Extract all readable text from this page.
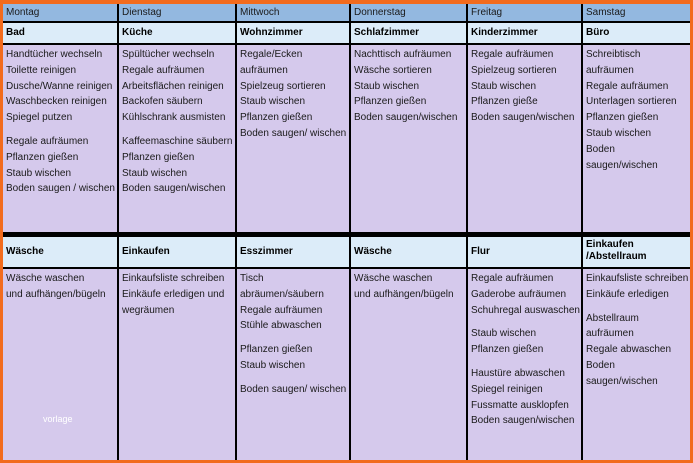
Montag
Bad
Handtücher wechseln
Toilette reinigen
Dusche/Wanne reinigen
Waschbecken reinigen
Spiegel putzen
Regale aufräumen
Pflanzen gießen
Staub wischen
Boden saugen / wischen
Wäsche
Wäsche waschen
und aufhängen/bügeln
vorlage
Dienstag
Küche
Spültücher wechseln
Regale aufräumen
Arbeitsflächen reinigen
Backofen säubern
Kühlschrank ausmisten
Kaffeemaschine säubern
Pflanzen gießen
Staub wischen
Boden saugen/wischen
Einkaufen
Einkaufsliste schreiben
Einkäufe erledigen und
wegräumen
Mittwoch
Wohnzimmer
Regale/Ecken
aufräumen
Spielzeug sortieren
Staub wischen
Pflanzen gießen
Boden saugen/ wischen
Esszimmer
Tisch
abräumen/säubern
Regale aufräumen
Stühle abwaschen
Pflanzen gießen
Staub wischen
Boden saugen/ wischen
Donnerstag
Schlafzimmer
Nachttisch aufräumen
Wäsche sortieren
Staub wischen
Pflanzen gießen
Boden saugen/wischen
Wäsche
Wäsche waschen
und aufhängen/bügeln
Freitag
Kinderzimmer
Regale aufräumen
Spielzeug sortieren
Staub wischen
Pflanzen gieße
Boden saugen/wischen
Flur
Regale aufräumen
Gaderobe aufräumen
Schuhregal auswaschen
Staub wischen
Pflanzen gießen
Haustüre abwaschen
Spiegel reinigen
Fussmatte ausklopfen
Boden saugen/wischen
Samstag
Büro
Schreibtisch
aufräumen
Regale aufräumen
Unterlagen sortieren
Pflanzen gießen
Staub wischen
Boden
saugen/wischen
Einkaufen
/Abstellraum
Einkaufsliste schreiben
Einkäufe erledigen
Abstellraum
aufräumen
Regale abwaschen
Boden
saugen/wischen
